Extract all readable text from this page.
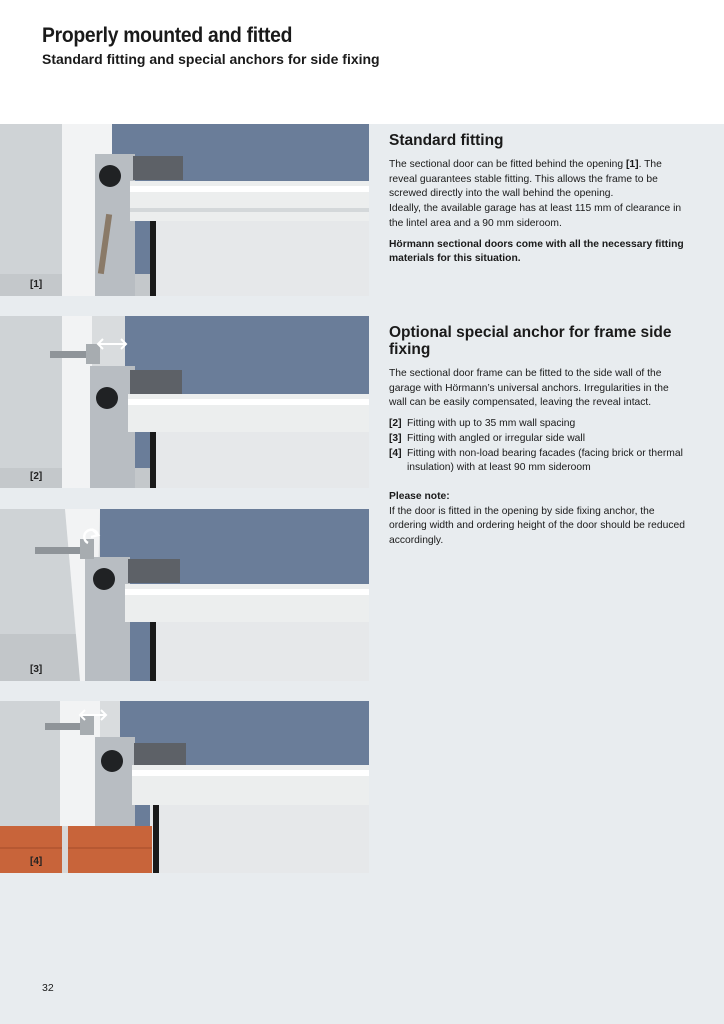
Properly mounted and fitted
Standard fitting and special anchors for side fixing
[1]
[2]
[3]
[4]
Standard fitting

The sectional door can be fitted behind the opening [1]. The reveal guarantees stable fitting. This allows the frame to be screwed directly into the wall behind the opening.
Ideally, the available garage has at least 115 mm of clearance in the lintel area and a 90 mm sideroom.

Hörmann sectional doors come with all the necessary fitting materials for this situation.

Optional special anchor for frame side fixing

The sectional door frame can be fitted to the side wall of the garage with Hörmann’s universal anchors. Irregularities in the wall can be easily compensated, leaving the reveal intact.

[2] Fitting with up to 35 mm wall spacing
[3] Fitting with angled or irregular side wall
[4] Fitting with non-load bearing facades (facing brick or thermal insulation) with at least 90 mm sideroom

Please note:

If the door is fitted in the opening by side fixing anchor, the ordering width and ordering height of the door should be reduced accordingly.

32
